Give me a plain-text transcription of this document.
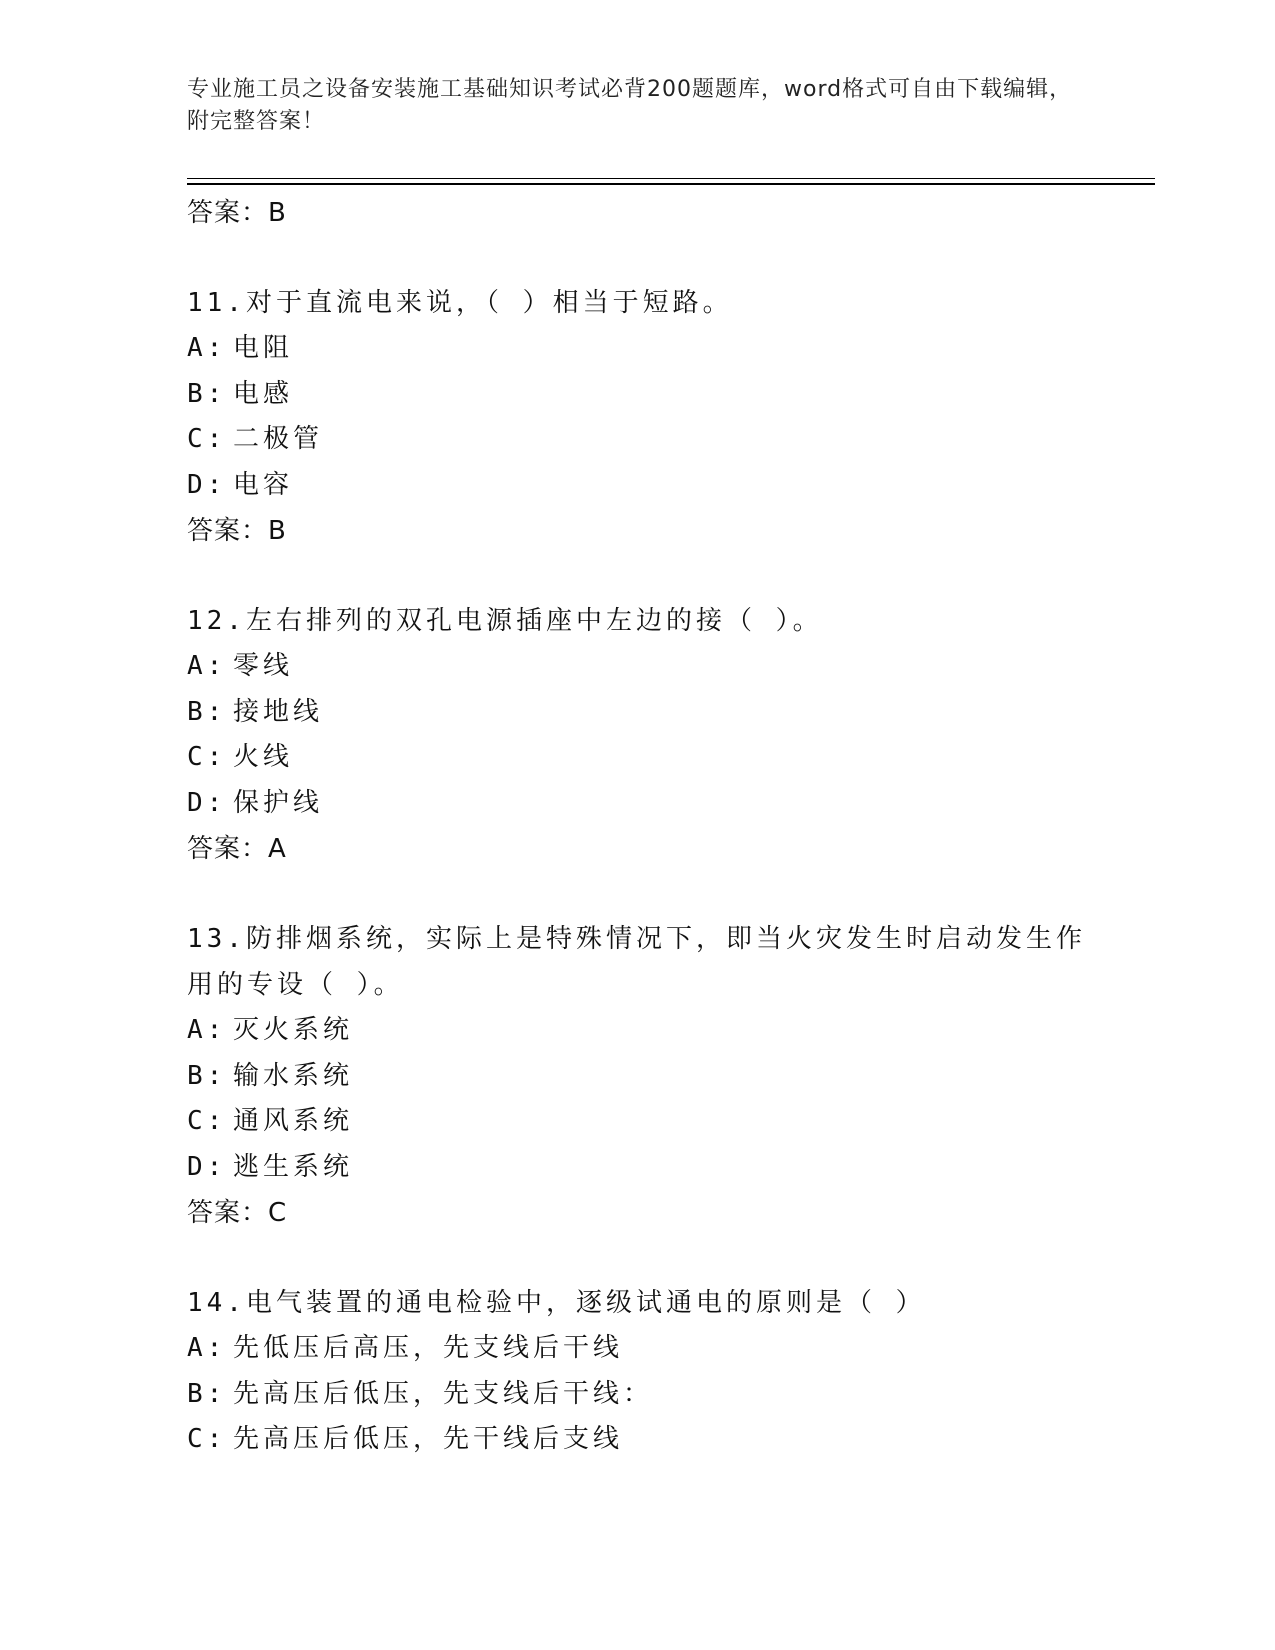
专业施工员之设备安装施工基础知识考试必背200题题库，word格式可自由下载编辑，附完整答案！
答案：B
11.对于直流电来说，（ ）相当于短路。
A: 电阻
B: 电感
C: 二极管
D: 电容
答案：B
12.左右排列的双孔电源插座中左边的接（ ）。
A: 零线
B: 接地线
C: 火线
D: 保护线
答案：A
13.防排烟系统，实际上是特殊情况下，即当火灾发生时启动发生作用的专设（ ）。
A: 灭火系统
B: 输水系统
C: 通风系统
D: 逃生系统
答案：C
14.电气装置的通电检验中，逐级试通电的原则是（ ）
A: 先低压后高压，先支线后干线
B: 先高压后低压，先支线后干线：
C: 先高压后低压，先干线后支线
